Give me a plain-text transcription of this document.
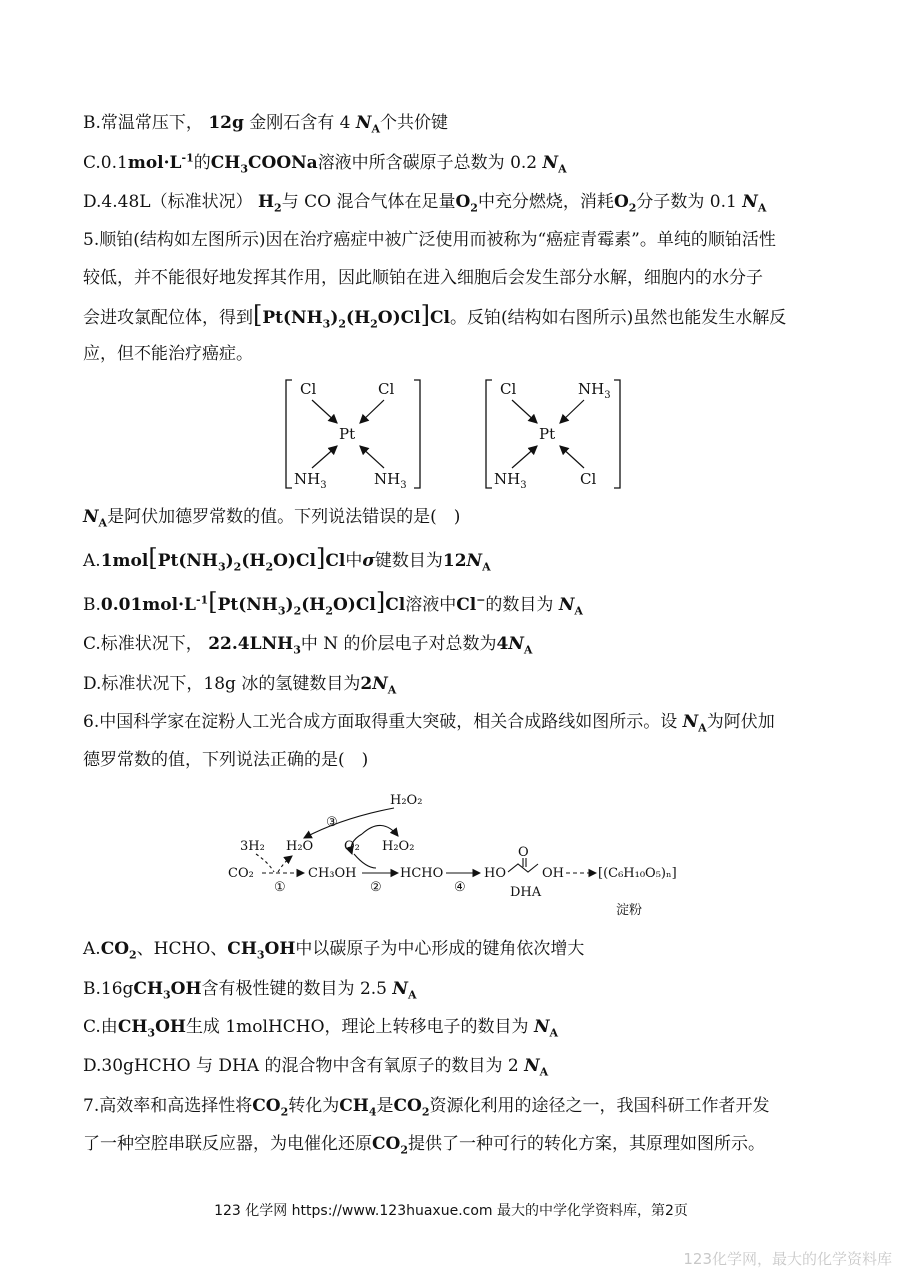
B.常温常压下， 12g 金刚石含有 4 $N_A$个共价键
$C.0.1mol\cdot L^{-1}$的$CH_3COONa$溶液中所含碳原子总数为 0.2 $N_A$
D.4.48L（标准状况） $H_2$与 CO 混合气体在足量$O_2$中充分燃烧，消耗$O_2$分子数为 0.1 $N_A$
5.顺铂(结构如左图所示)因在治疗癌症中被广泛使用而被称为“癌症青霉素”。单纯的顺铂活性
较低，并不能很好地发挥其作用，因此顺铂在进入细胞后会发生部分水解，细胞内的水分子
会进攻氯配位体，得到$[Pt(NH_3)_2(H_2O)Cl]Cl$。反铂(结构如右图所示)虽然也能发生水解反
应，但不能治疗癌症。
Cl	Cl
Pt
$NH_3$	$NH_3$
Cl	$NH_3$
Pt
$NH_3$	Cl
$N_A$是阿伏加德罗常数的值。下列说法错误的是(　)
$A.1mol[Pt(NH_3)_2(H_2O)Cl]Cl$中σ键数目为$12N_A$
$B.0.01mol\cdot L^{-1}[Pt(NH_3)_2(H_2O)Cl]Cl$溶液中Cl−的数目为 $N_A$
C.标准状况下， $22.4LNH_3$中 N 的价层电子对总数为$4N_A$
D.标准状况下，18g 冰的氢键数目为$2N_A$
6.中国科学家在淀粉人工光合成方面取得重大突破，相关合成路线如图所示。设 $N_A$为阿伏加
德罗常数的值，下列说法正确的是(　)
H₂O₂
③
3H₂ H₂O O₂ H₂O₂
CO₂
①
CH₃OH
②
HCHO
④
HO
O
OH
DHA
[(C₆H₁₀O₅)ₙ]
淀粉
$A.CO_2$、HCHO、$CH_3OH$中以碳原子为中心形成的键角依次增大
B.16gCH$_3$OH含有极性键的数目为 2.5 $N_A$
C.由$CH_3OH$生成 1molHCHO，理论上转移电子的数目为 $N_A$
D.30gHCHO 与 DHA 的混合物中含有氧原子的数目为 2 $N_A$
7.高效率和高选择性将$CO_2$转化为$CH_4$是$CO_2$资源化利用的途径之一，我国科研工作者开发
了一种空腔串联反应器，为电催化还原$CO_2$提供了一种可行的转化方案，其原理如图所示。
123 化学网 https://www.123huaxue.com 最大的中学化学资料库，第2页
123化学网，最大的化学资料库
